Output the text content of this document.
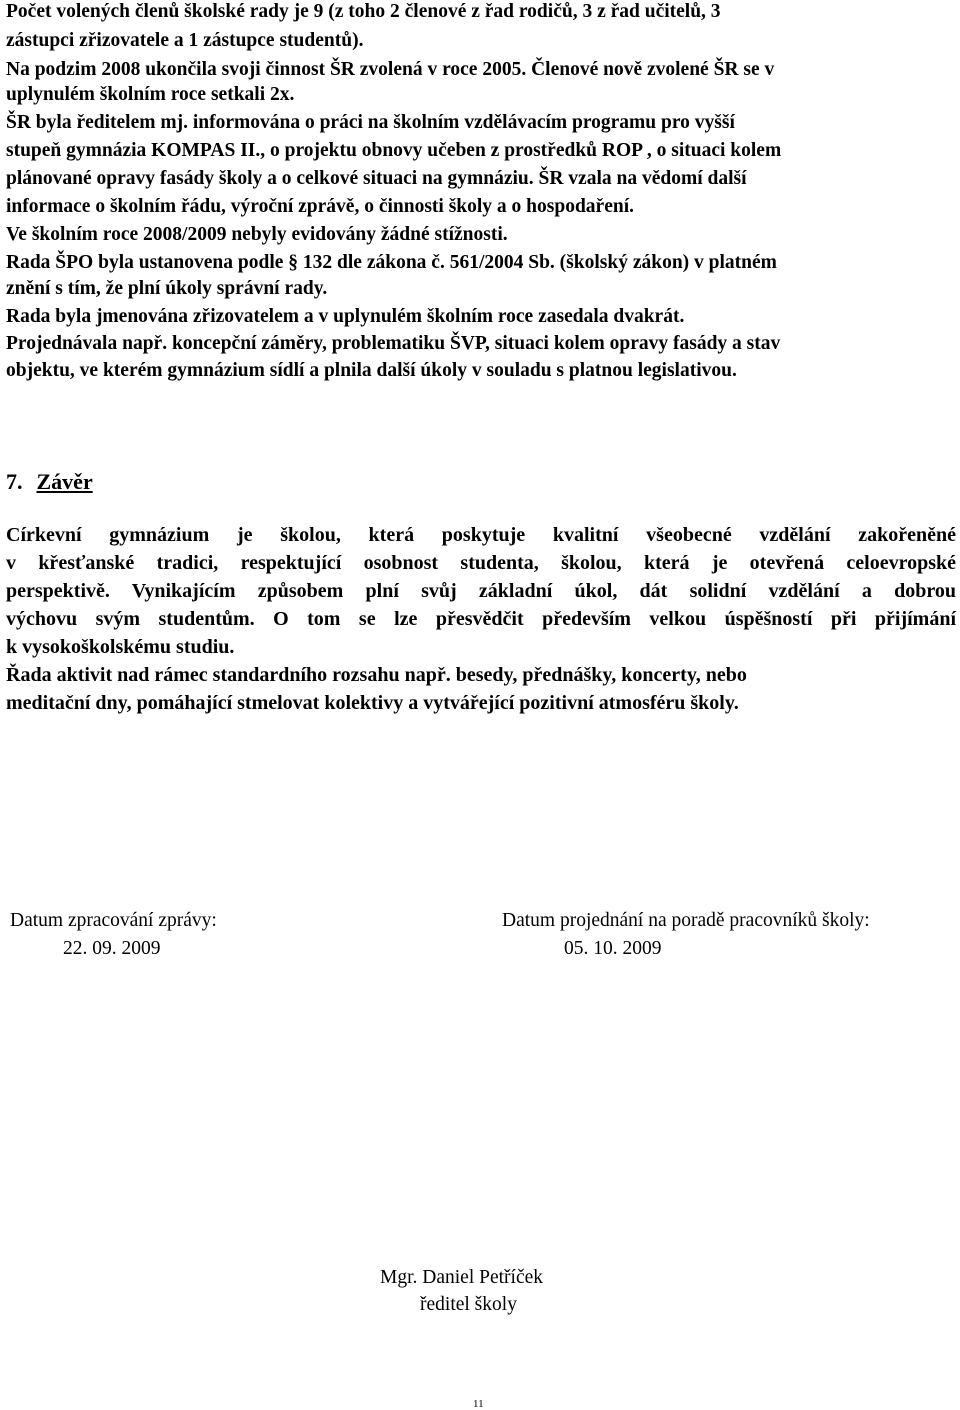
Počet volených členů školské rady je 9 (z toho 2 členové z řad rodičů, 3 z řad učitelů, 3
zástupci zřizovatele a 1 zástupce studentů).
Na podzim 2008 ukončila svoji činnost ŠR zvolená v roce 2005. Členové nově zvolené ŠR se v
uplynulém školním roce setkali 2x.
ŠR byla ředitelem mj. informována o práci na školním vzdělávacím programu pro vyšší
stupeň gymnázia KOMPAS II., o projektu obnovy učeben z prostředků ROP , o situaci kolem
plánované opravy fasády školy a o celkové situaci na gymnáziu. ŠR vzala na vědomí další
informace o školním řádu, výroční zprávě, o činnosti školy a o hospodaření.
Ve školním roce 2008/2009 nebyly evidovány žádné stížnosti.
Rada ŠPO byla ustanovena podle § 132 dle zákona č. 561/2004 Sb. (školský zákon) v platném
znění s tím, že plní úkoly správní rady.
Rada byla jmenována zřizovatelem a v uplynulém školním roce zasedala dvakrát.
Projednávala např. koncepční záměry, problematiku ŠVP, situaci kolem opravy fasády a stav
objektu, ve kterém gymnázium sídlí a plnila další úkoly v souladu s platnou legislativou.
7. Závěr
Církevní gymnázium je školou, která poskytuje kvalitní všeobecné vzdělání zakořeněné
v křesťanské tradici, respektující osobnost studenta, školou, která je otevřená celoevropské
perspektivě. Vynikajícím způsobem plní svůj základní úkol, dát solidní vzdělání a dobrou
výchovu svým studentům. O tom se lze přesvědčit především velkou úspěšností při přijímání
k vysokoškolskému studiu.
Řada aktivit nad rámec standardního rozsahu např. besedy, přednášky, koncerty, nebo
meditační dny, pomáhající stmelovat kolektivy a vytvářející pozitivní atmosféru školy.
Datum zpracování zprávy:
22. 09. 2009
Datum projednání na poradě pracovníků školy:
05. 10. 2009
Mgr. Daniel Petříček
ředitel školy
11
